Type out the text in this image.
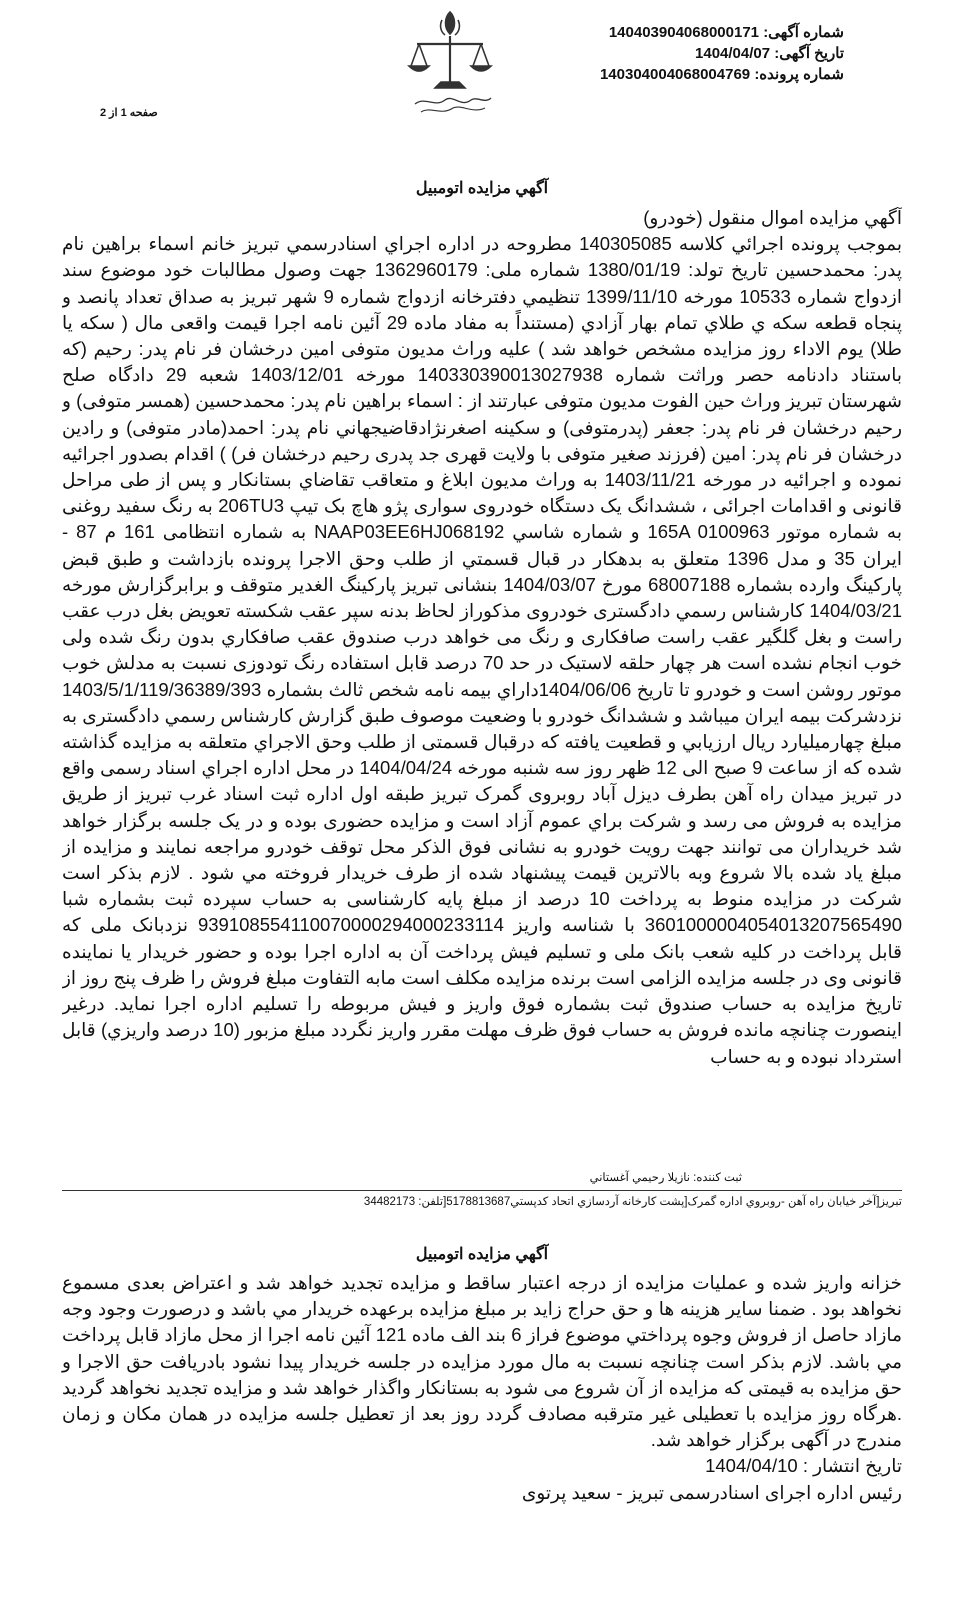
شماره آگهی: 14040390406800017​1
تاریخ آگهی: 1404/04/07
شماره پرونده: 140304004068004769
صفحه 1 از 2
آگهي مزايده اتومبيل

آگهي مزايده اموال منقول (خودرو)

بموجب پرونده اجرائي كلاسه 140305085 مطروحه در اداره اجراي اسنادرسمي تبريز خانم اسماء براهين نام پدر: محمدحسين تاريخ تولد: 1380/01/19 شماره ملی: 1362960179 جهت وصول مطالبات خود موضوع سند ازدواج شماره 10533 مورخه 1399/11/10 تنظيمي دفترخانه ازدواج شماره 9 شهر تبريز به صداق تعداد پانصد و پنجاه قطعه سكه ي طلاي تمام بهار آزادي (مستنداً به مفاد ماده 29 آئین نامه اجرا قيمت واقعی مال ( سکه یا طلا) یوم الاداء روز مزایده مشخص خواهد شد ) علیه وراث مدیون متوفی امین درخشان فر نام پدر: رحیم (كه باستناد دادنامه حصر وراثت شماره 140330390013027938 مورخه 1403/12/01 شعبه 29 دادگاه صلح شهرستان تبريز وراث حين الفوت مديون متوفی عبارتند از : اسماء براهین نام پدر: محمدحسین (همسر متوفی) و رحیم درخشان فر نام پدر: جعفر (پدرمتوفی) و سکینه اصغرنژادقاضيجهاني نام پدر: احمد(مادر متوفی) و رادين درخشان فر نام پدر: امین (فرزند صغیر متوفی با ولايت قهری جد پدری رحیم درخشان فر) ) اقدام بصدور اجرائيه نموده و اجرائيه در مورخه 1403/11/21 به وراث مديون ابلاغ و متعاقب تقاضاي بستانكار و پس از طی مراحل قانونی و اقدامات اجرائی ، ششدانگ يک دستگاه خودروی سواری پژو هاچ بک تیپ 206TU3 به رنگ سفید روغنی به شماره موتور 165A 0100963 و شماره شاسي NAAP03EE6HJ068192 به شماره انتظامی 161 م 87 - ایران 35 و مدل 1396 متعلق به بدهكار در قبال قسمتي از طلب وحق الاجرا پرونده بازداشت و طبق قبض پاركينگ وارده بشماره 68007188 مورخ 1404/03/07 بنشانی تبریز پاركينگ الغدير متوقف و برابرگزارش مورخه 1404/03/21 كارشناس رسمي دادگستری خودروی مذكوراز لحاظ بدنه سپر عقب شكسته تعويض بغل درب عقب راست و بغل گلگیر عقب راست صافکاری و رنگ می خواهد درب صندوق عقب صافكاري بدون رنگ شده ولی خوب انجام نشده است هر چهار حلقه لاستیک در حد 70 درصد قابل استفاده رنگ تودوزی نسبت به مدلش خوب موتور روشن است و خودرو تا تاريخ 1404/06/06داراي بيمه نامه شخص ثالث بشماره 1403/5/1/119/36389/393 نزدشركت بيمه ايران میباشد و ششدانگ خودرو با وضعیت موصوف طبق گزارش كارشناس رسمي دادگستری به مبلغ چهارميليارد ريال ارزيابي و قطعیت يافته كه درقبال قسمتی از طلب وحق الاجراي متعلقه به مزايده گذاشته شده كه از ساعت 9 صبح الی 12 ظهر روز سه شنبه مورخه 1404/04/24 در محل اداره اجراي اسناد رسمی واقع در تبريز ميدان راه آهن بطرف دیزل آباد روبروی گمرک تبریز طبقه اول اداره ثبت اسناد غرب تبریز از طريق مزايده به فروش می رسد و شركت براي عموم آزاد است و مزایده حضوری بوده و در يک جلسه برگزار خواهد شد خريداران می توانند جهت رويت خودرو به نشانی فوق الذكر محل توقف خودرو مراجعه نمايند و مزايده از مبلغ ياد شده بالا شروع وبه بالاترین قيمت پيشنهاد شده از طرف خريدار فروخته مي شود . لازم بذكر است شركت در مزايده منوط به پرداخت 10 درصد از مبلغ پایه کارشناسی به حساب سپرده ثبت بشماره شبا 360100000405401320756549​0 با شناسه واريز 939108554110070000294000233114 نزدبانک ملی كه قابل پرداخت در کلیه شعب بانک ملی و تسلیم فیش پرداخت آن به اداره اجرا بوده و حضور خریدار یا نماینده قانونی وی در جلسه مزایده الزامی است برنده مزایده مکلف است مابه التفاوت مبلغ فروش را ظرف پنج روز از تاريخ مزايده به حساب صندوق ثبت بشماره فوق واریز و فیش مربوطه را تسليم اداره اجرا نمايد. درغير اينصورت چنانچه مانده فروش به حساب فوق ظرف مهلت مقرر واريز نگردد مبلغ مزبور (10 درصد واريزي) قابل استرداد نبوده و به حساب

ثبت كننده: نازيلا رحيمي آغستاني
تبريز[آخر خيابان راه آهن -روبروي اداره گمرک[پشت كارخانه آردسازي اتحاد كدپستي5178813687[تلفن: 34482173
آگهي مزايده اتومبيل

خزانه واريز شده و عمليات مزايده از درجه اعتبار ساقط و مزايده تجديد خواهد شد و اعتراض بعدی مسموع نخواهد بود . ضمنا ساير هزينه ها و حق حراج زايد بر مبلغ مزايده برعهده خريدار مي باشد و درصورت وجود وجه مازاد حاصل از فروش وجوه پرداختي موضوع فراز 6 بند الف ماده 121 آئين نامه اجرا از محل مازاد قابل پرداخت مي باشد. لازم بذكر است چنانچه نسبت به مال مورد مزايده در جلسه خريدار پيدا نشود بادريافت حق الاجرا و حق مزايده به قيمتی كه مزايده از آن شروع می شود به بستانكار واگذار خواهد شد و مزايده تجديد نخواهد گرديد .هرگاه روز مزايده با تعطيلی غير مترقبه مصادف گردد روز بعد از تعطيل جلسه مزايده در همان مكان و زمان مندرج در آگهی برگزار خواهد شد.

تاریخ انتشار : 1404/04/10

رئیس اداره اجرای اسنادرسمی تبریز - سعید پرتوی
